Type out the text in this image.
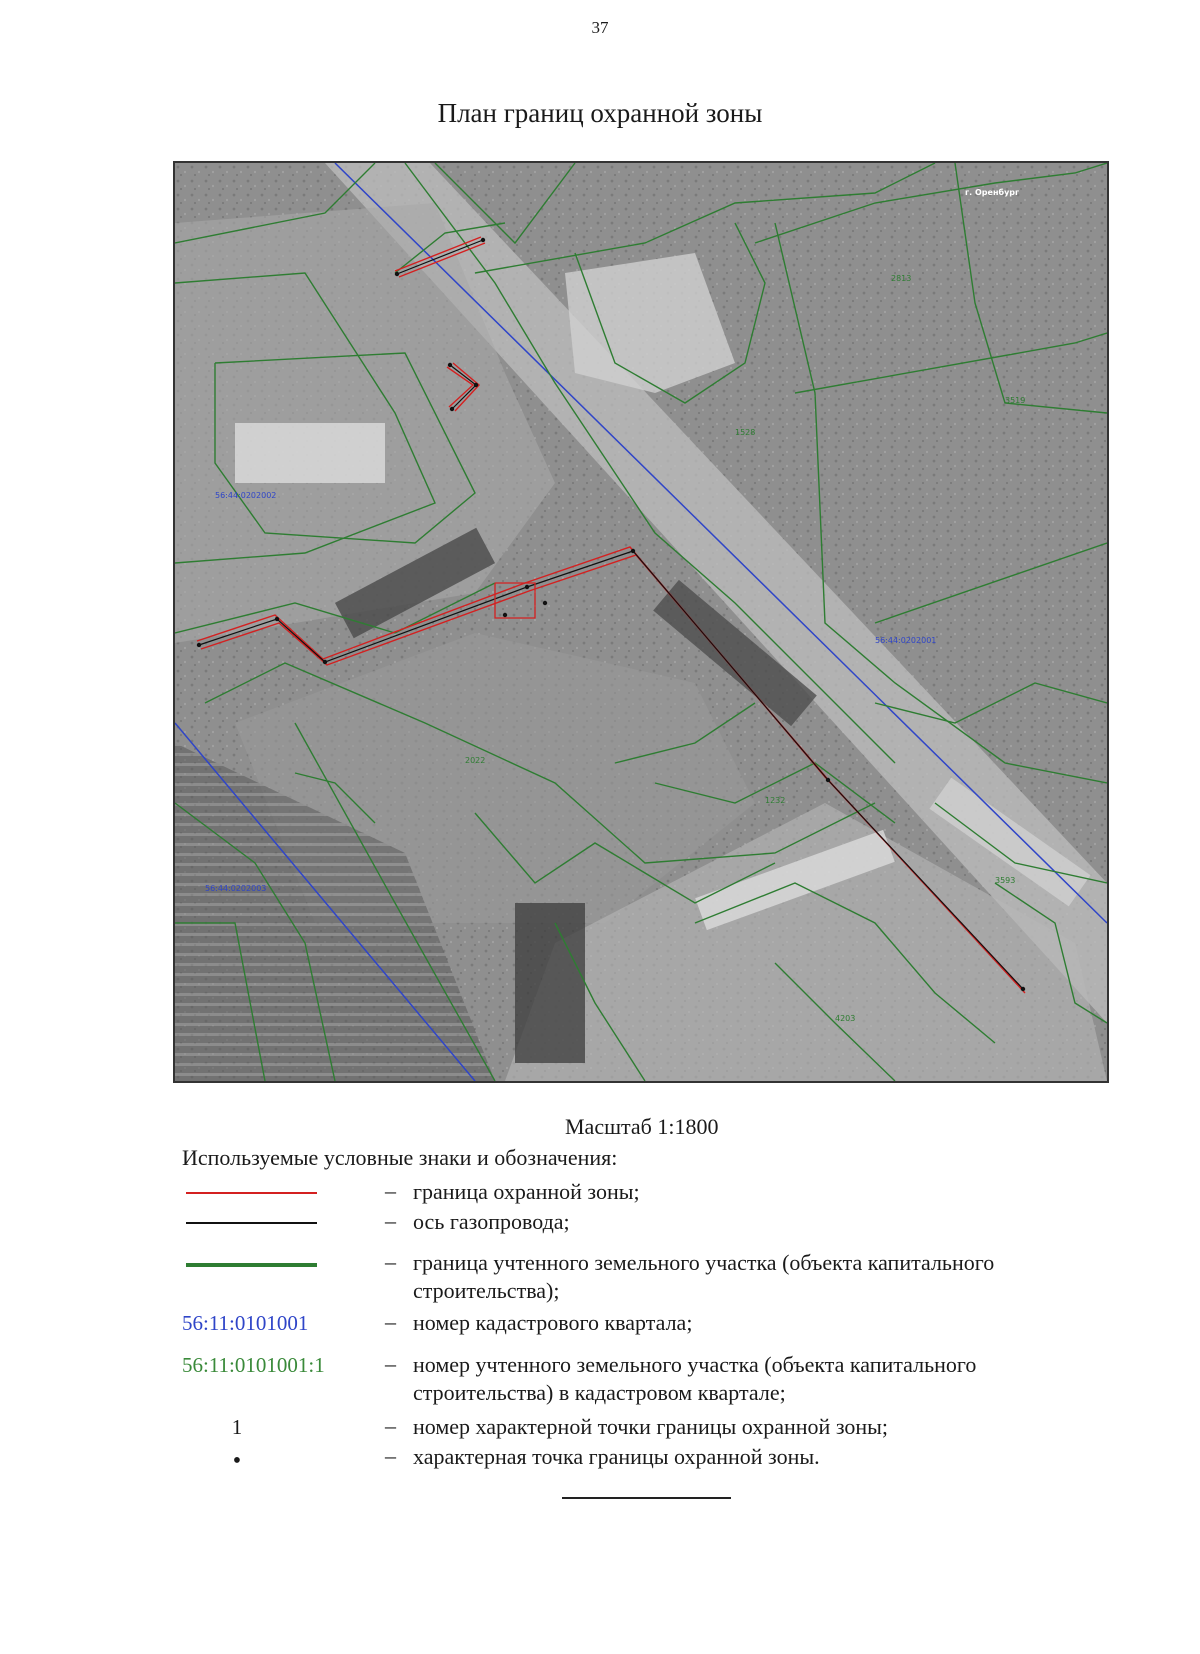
37
План границ охранной зоны
г. Оренбург
56:44:0202002
56:44:0202001
56:44:0202003
2813
1528
3519
2022
1232
3593
4203
Масштаб 1:1800
Используемые условные знаки и обозначения:
– граница охранной зоны;
– ось газопровода;
– граница учтенного земельного участка (объекта капитального строительства);
56:11:0101001	– номер кадастрового квартала;
56:11:0101001:1	– номер учтенного земельного участка (объекта капитального строительства) в кадастровом квартале;
1	– номер характерной точки границы охранной зоны;
•	– характерная точка границы охранной зоны.
